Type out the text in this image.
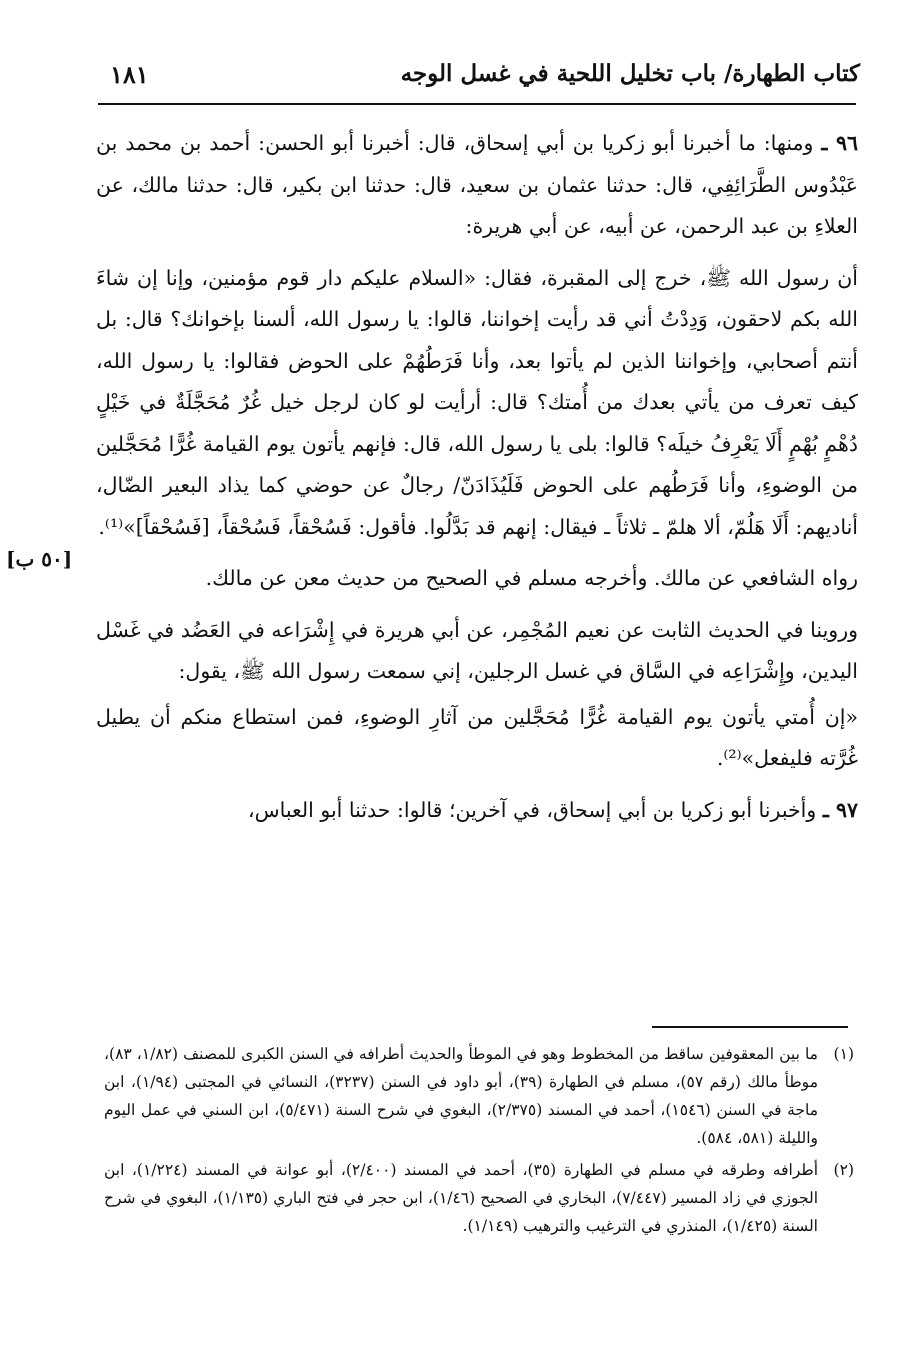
كتاب الطهارة/ باب تخليل اللحية في غسل الوجه
١٨١
[٥٠ ب]

٩٦ ـ ومنها: ما أخبرنا أبو زكريا بن أبي إسحاق، قال: أخبرنا أبو الحسن: أحمد بن محمد بن عَبْدُوس الطَّرَائِفِي، قال: حدثنا عثمان بن سعيد، قال: حدثنا ابن بكير، قال: حدثنا مالك، عن العلاءِ بن عبد الرحمن، عن أبيه، عن أبي هريرة:

أن رسول الله ﷺ، خرج إلى المقبرة، فقال: «السلام عليكم دار قوم مؤمنين، وإنا إن شاءَ الله بكم لاحقون، وَدِدْتُ أني قد رأيت إخواننا، قالوا: يا رسول الله، ألسنا بإخوانك؟ قال: بل أنتم أصحابي، وإخواننا الذين لم يأتوا بعد، وأنا فَرَطُهُمْ على الحوض فقالوا: يا رسول الله، كيف تعرف من يأتي بعدك من أُمتك؟ قال: أرأيت لو كان لرجل خيل غُرٌ مُحَجَّلَةٌ في خَيْلٍ دُهْمٍ بُهْمٍ أَلَا يَعْرِفُ خيلَه؟ قالوا: بلى يا رسول الله، قال: فإنهم يأتون يوم القيامة غُرًّا مُحَجَّلين من الوضوءِ، وأنا فَرَطُهم على الحوض فَلَيُذَادَنّ/ رجالٌ عن حوضي كما يذاد البعير الضّال، أناديهم: أَلَا هَلُمّ، ألا هلمّ ـ ثلاثاً ـ فيقال: إنهم قد بَدَّلُوا. فأقول: فَسُحْقاً، فَسُحْقاً، [فَسُحْقاً]»⁽¹⁾.

رواه الشافعي عن مالك. وأخرجه مسلم في الصحيح من حديث معن عن مالك.

وروينا في الحديث الثابت عن نعيم المُجْمِر، عن أبي هريرة في إِشْرَاعه في العَضُد في غَسْل اليدين، وإِشْرَاعِه في السَّاق في غسل الرجلين، إني سمعت رسول الله ﷺ، يقول:

«إن أُمتي يأتون يوم القيامة غُرًّا مُحَجَّلين من آثارِ الوضوءِ، فمن استطاع منكم أن يطيل غُرَّته فليفعل»⁽²⁾.

٩٧ ـ وأخبرنا أبو زكريا بن أبي إسحاق، في آخرين؛ قالوا: حدثنا أبو العباس،

(١)
ما بين المعقوفين ساقط من المخطوط وهو في الموطأ والحديث أطرافه في السنن الكبرى للمصنف (١/٨٢، ٨٣)، موطأ مالك (رقم ٥٧)، مسلم في الطهارة (٣٩)، أبو داود في السنن (٣٢٣٧)، النسائي في المجتبى (١/٩٤)، ابن ماجة في السنن (١٥٤٦)، أحمد في المسند (٢/٣٧٥)، البغوي في شرح السنة (٥/٤٧١)، ابن السني في عمل اليوم والليلة (٥٨١، ٥٨٤).

(٢)
أطرافه وطرقه في مسلم في الطهارة (٣٥)، أحمد في المسند (٢/٤٠٠)، أبو عوانة في المسند (١/٢٢٤)، ابن الجوزي في زاد المسير (٧/٤٤٧)، البخاري في الصحيح (١/٤٦)، ابن حجر في فتح الباري (١/١٣٥)، البغوي في شرح السنة (١/٤٢٥)، المنذري في الترغيب والترهيب (١/١٤٩).
